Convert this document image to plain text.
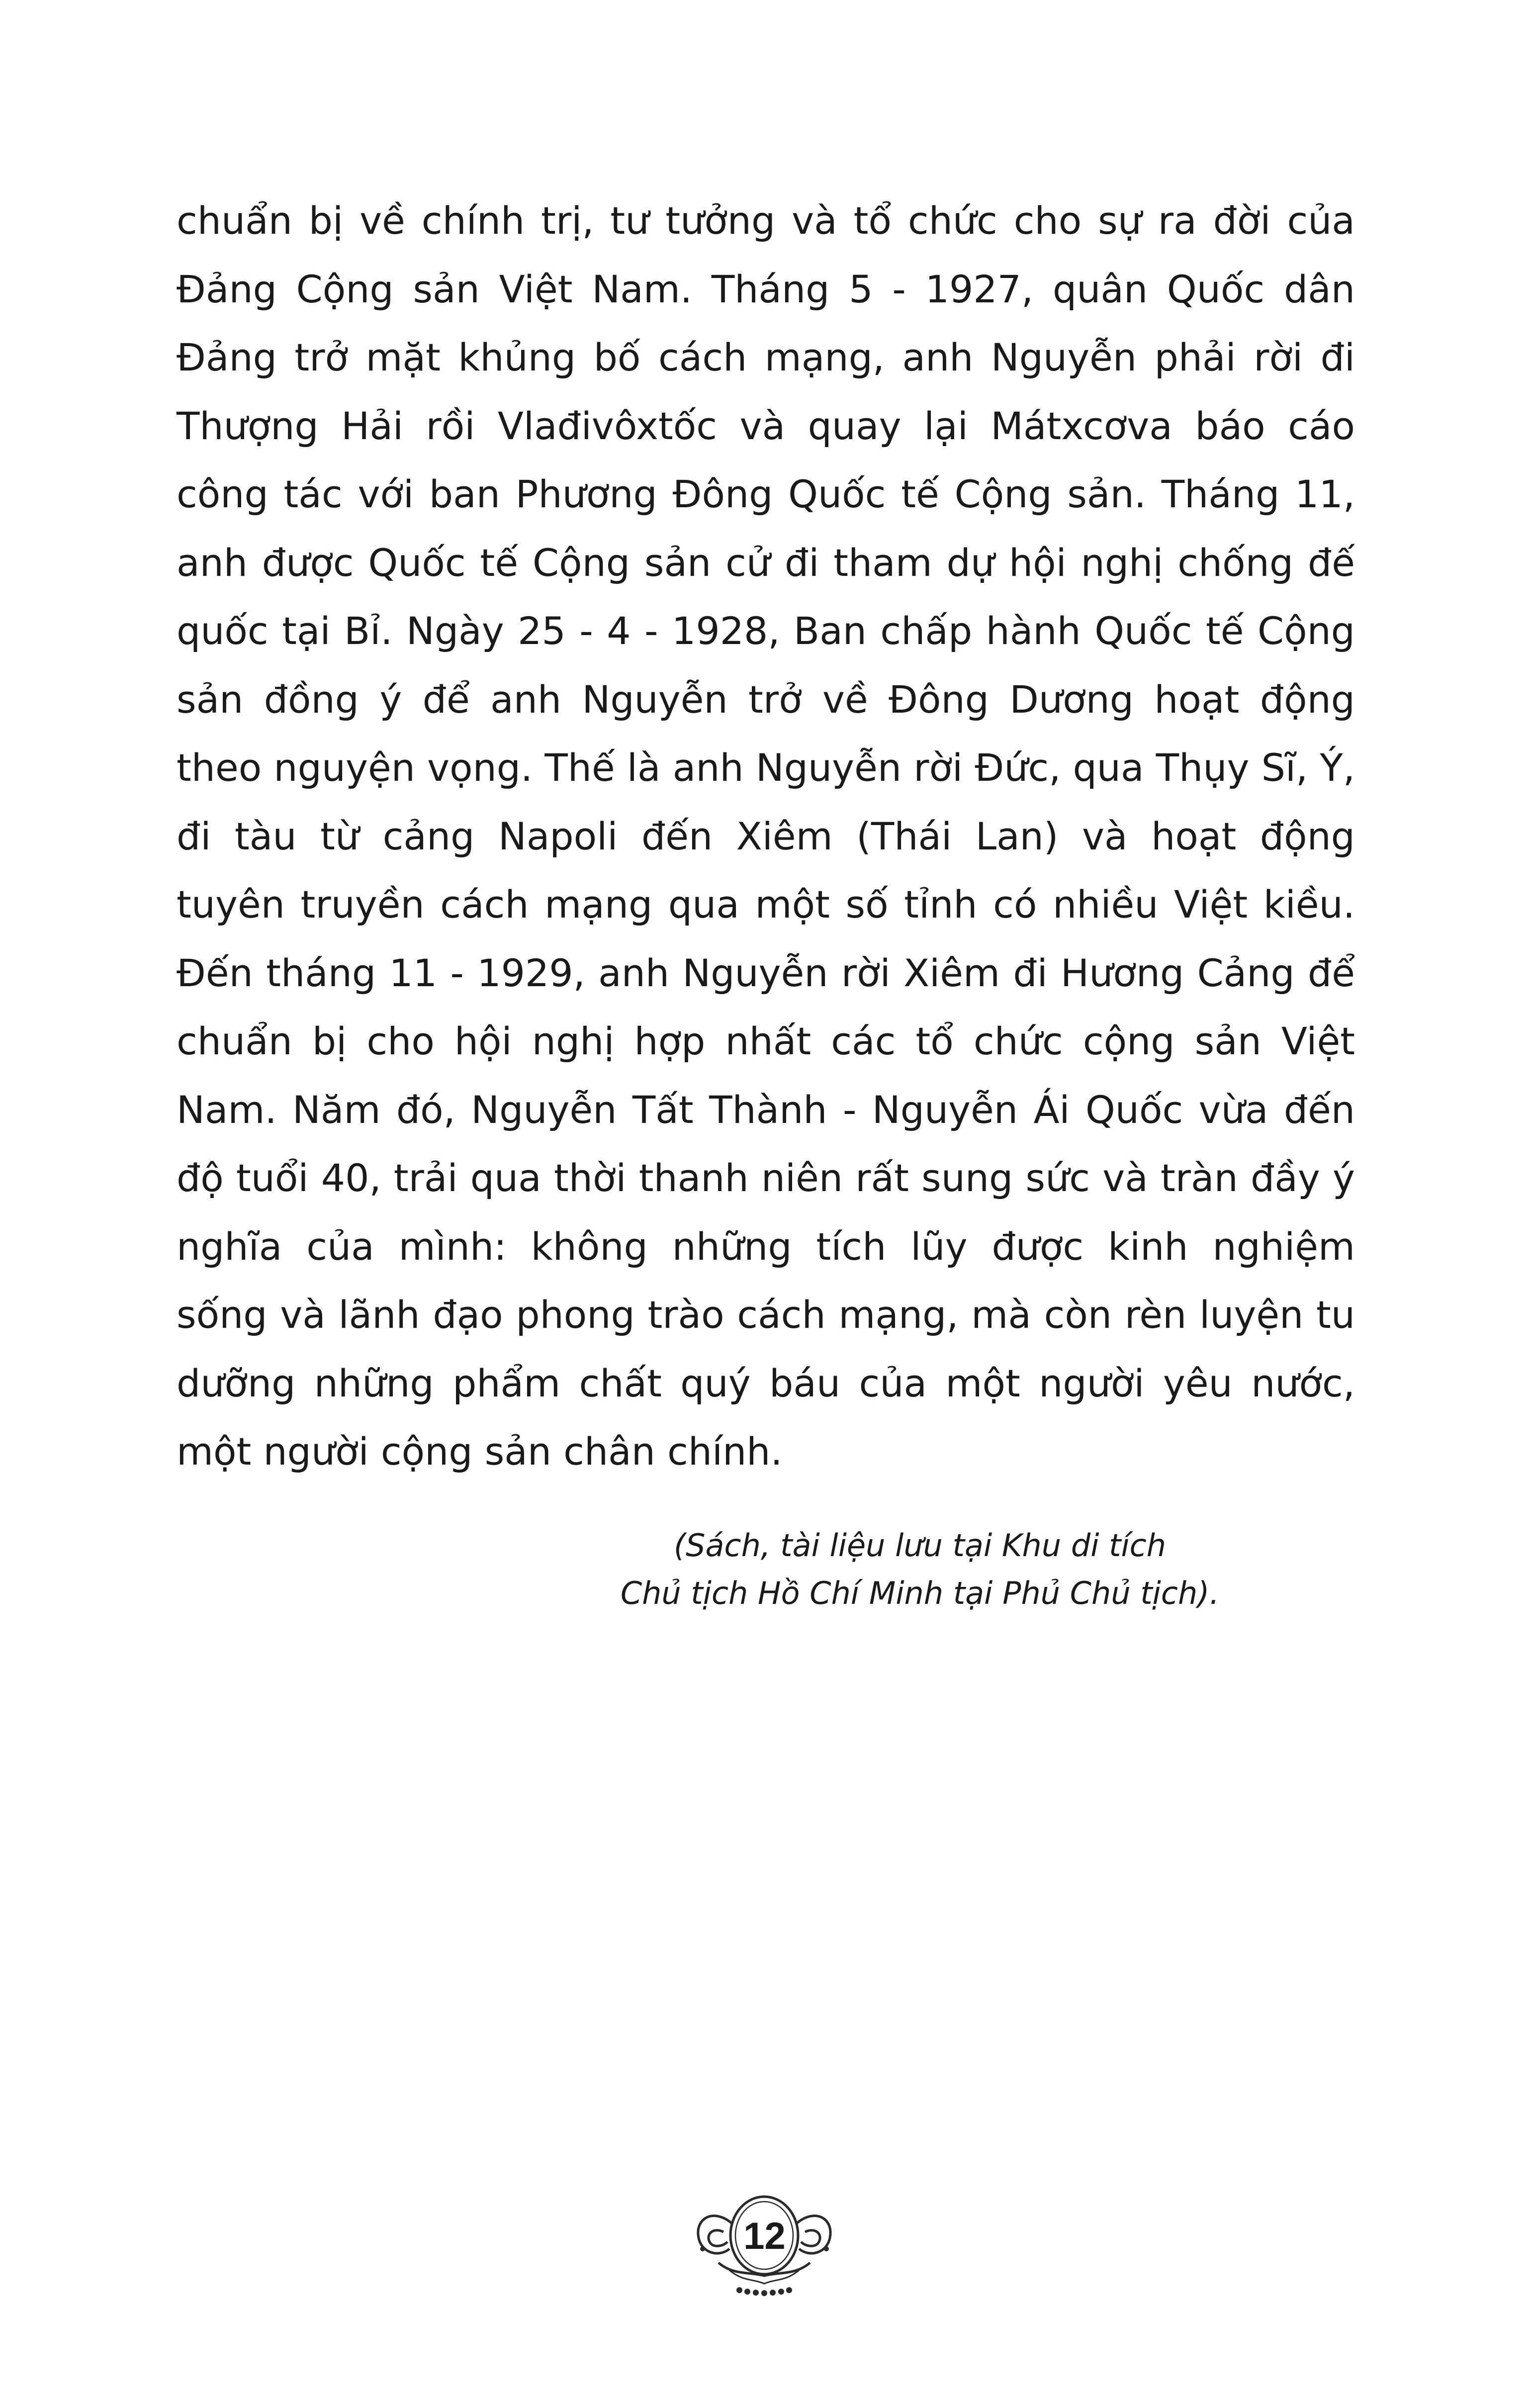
chuẩn bị về chính trị, tư tưởng và tổ chức cho sự ra đời của
Đảng Cộng sản Việt Nam. Tháng 5 - 1927, quân Quốc dân
Đảng trở mặt khủng bố cách mạng, anh Nguyễn phải rời đi
Thượng Hải rồi Vlađivôxtốc và quay lại Mátxcơva báo cáo
công tác với ban Phương Đông Quốc tế Cộng sản. Tháng 11,
anh được Quốc tế Cộng sản cử đi tham dự hội nghị chống đế
quốc tại Bỉ. Ngày 25 - 4 - 1928, Ban chấp hành Quốc tế Cộng
sản đồng ý để anh Nguyễn trở về Đông Dương hoạt động
theo nguyện vọng. Thế là anh Nguyễn rời Đức, qua Thụy Sĩ, Ý,
đi tàu từ cảng Napoli đến Xiêm (Thái Lan) và hoạt động
tuyên truyền cách mạng qua một số tỉnh có nhiều Việt kiều.
Đến tháng 11 - 1929, anh Nguyễn rời Xiêm đi Hương Cảng để
chuẩn bị cho hội nghị hợp nhất các tổ chức cộng sản Việt
Nam. Năm đó, Nguyễn Tất Thành - Nguyễn Ái Quốc vừa đến
độ tuổi 40, trải qua thời thanh niên rất sung sức và tràn đầy ý
nghĩa của mình: không những tích lũy được kinh nghiệm
sống và lãnh đạo phong trào cách mạng, mà còn rèn luyện tu
dưỡng những phẩm chất quý báu của một người yêu nước,
một người cộng sản chân chính.
(Sách, tài liệu lưu tại Khu di tích
Chủ tịch Hồ Chí Minh tại Phủ Chủ tịch).
12
